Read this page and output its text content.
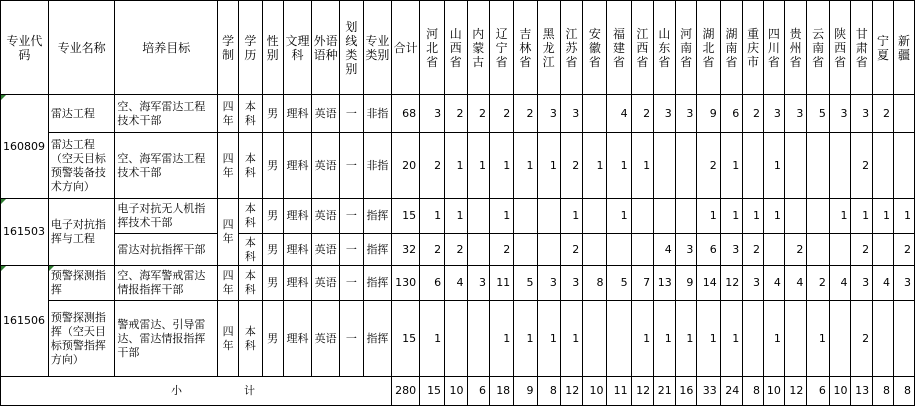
专业代码	专业名称	培养目标	学制	学历	性别	文理科	外语语种	划线类别	专业类别	合计	河北省	山西省	内蒙古	辽宁省	吉林省	黑龙江	江苏省	安徽省	福建省	江西省	山东省	河南省	湖北省	湖南省	重庆市	四川省	贵州省	云南省	陕西省	甘肃省	宁夏	新疆
160809	雷达工程	空、海军雷达工程技术干部	四年	本科	男	理科	英语	一	非指	68	3	2	2	2	2	3	3		4	2	3	3	9	6	2	3	3	5	3	3	2	
	雷达工程（空天目标预警装备技术方向）	空、海军雷达工程技术干部	四年	本科	男	理科	英语	一	非指	20	2	1	1	1	1	1	2	1	1	1			2	1		1				2		
161503	电子对抗指挥与工程	电子对抗无人机指挥技术干部	四年	本科	男	理科	英语	一	指挥	15	1	1		1			1		1				1	1	1	1			1	1	1	1
		雷达对抗指挥干部		本科	男	理科	英语	一	指挥	32	2	2		2			2				4	3	6	3	2		2			2		2
161506	预警探测指挥	空、海军警戒雷达情报指挥干部	四年	本科	男	理科	英语	一	指挥	130	6	4	3	11	5	3	3	8	5	7	13	9	14	12	3	4	4	2	4	3	4	3
	预警探测指挥（空天目标预警指挥方向）	警戒雷达、引导雷达、雷达情报指挥干部	四年	本科	男	理科	英语	一	指挥	15	1			1	1	1	1			1	1	1	1	1		1		1		2		
小 计										280	15	10	6	18	9	8	12	10	11	12	21	16	33	24	8	10	12	6	10	13	8	8
